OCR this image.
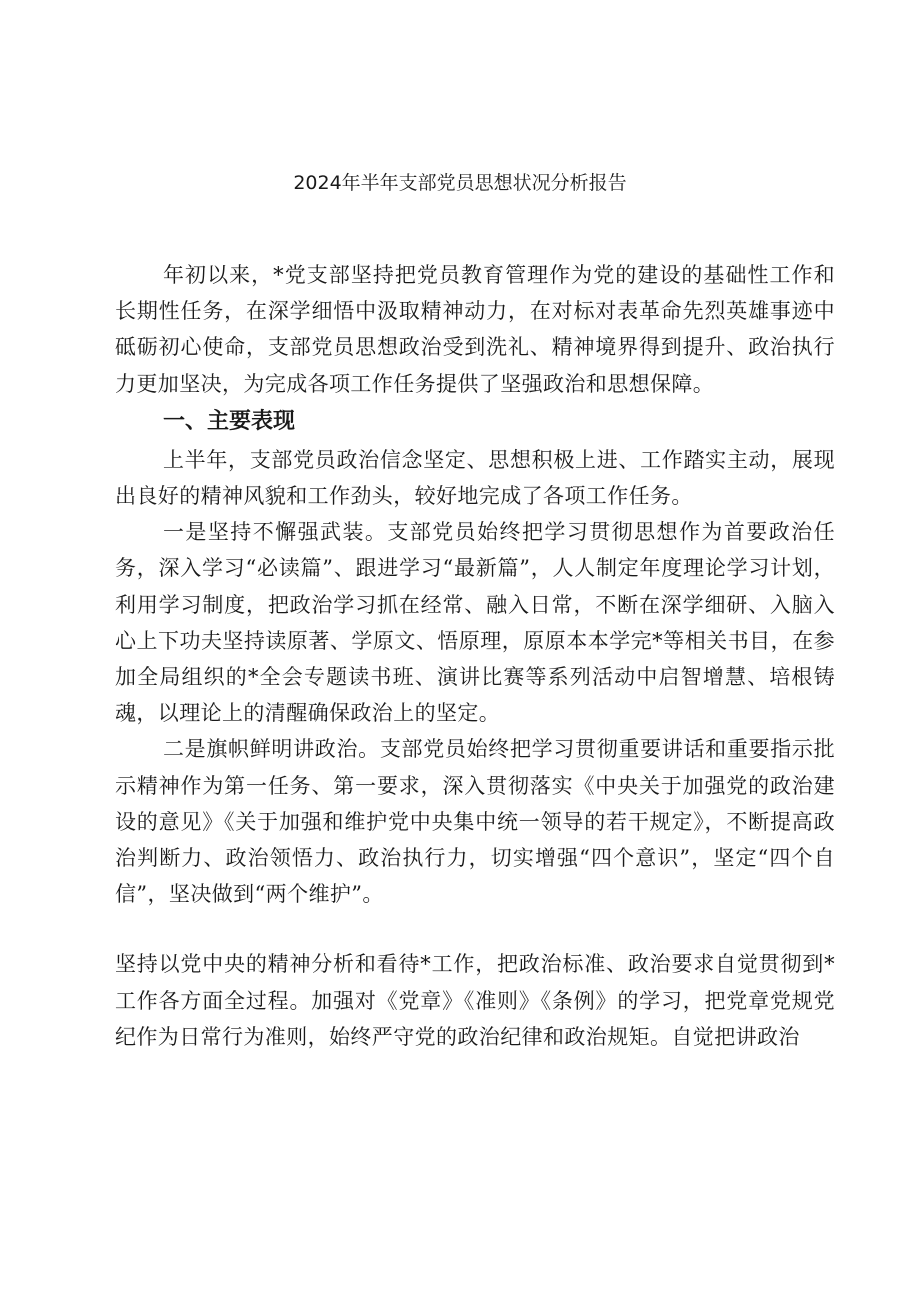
2024年半年支部党员思想状况分析报告

年初以来，*党支部坚持把党员教育管理作为党的建设的基础性工作和长期性任务，在深学细悟中汲取精神动力，在对标对表革命先烈英雄事迹中砥砺初心使命，支部党员思想政治受到洗礼、精神境界得到提升、政治执行力更加坚决，为完成各项工作任务提供了坚强政治和思想保障。

一、主要表现

上半年，支部党员政治信念坚定、思想积极上进、工作踏实主动，展现出良好的精神风貌和工作劲头，较好地完成了各项工作任务。

一是坚持不懈强武装。支部党员始终把学习贯彻思想作为首要政治任务，深入学习“必读篇”、跟进学习“最新篇”，人人制定年度理论学习计划，利用学习制度，把政治学习抓在经常、融入日常，不断在深学细研、入脑入心上下功夫坚持读原著、学原文、悟原理，原原本本学完*等相关书目，在参加全局组织的*全会专题读书班、演讲比赛等系列活动中启智增慧、培根铸魂，以理论上的清醒确保政治上的坚定。

二是旗帜鲜明讲政治。支部党员始终把学习贯彻重要讲话和重要指示批示精神作为第一任务、第一要求，深入贯彻落实《中央关于加强党的政治建设的意见》《关于加强和维护党中央集中统一领导的若干规定》，不断提高政治判断力、政治领悟力、政治执行力，切实增强“四个意识”，坚定“四个自信”，坚决做到“两个维护”。

坚持以党中央的精神分析和看待*工作，把政治标准、政治要求自觉贯彻到*工作各方面全过程。加强对《党章》《准则》《条例》的学习，把党章党规党纪作为日常行为准则，始终严守党的政治纪律和政治规矩。自觉把讲政治
